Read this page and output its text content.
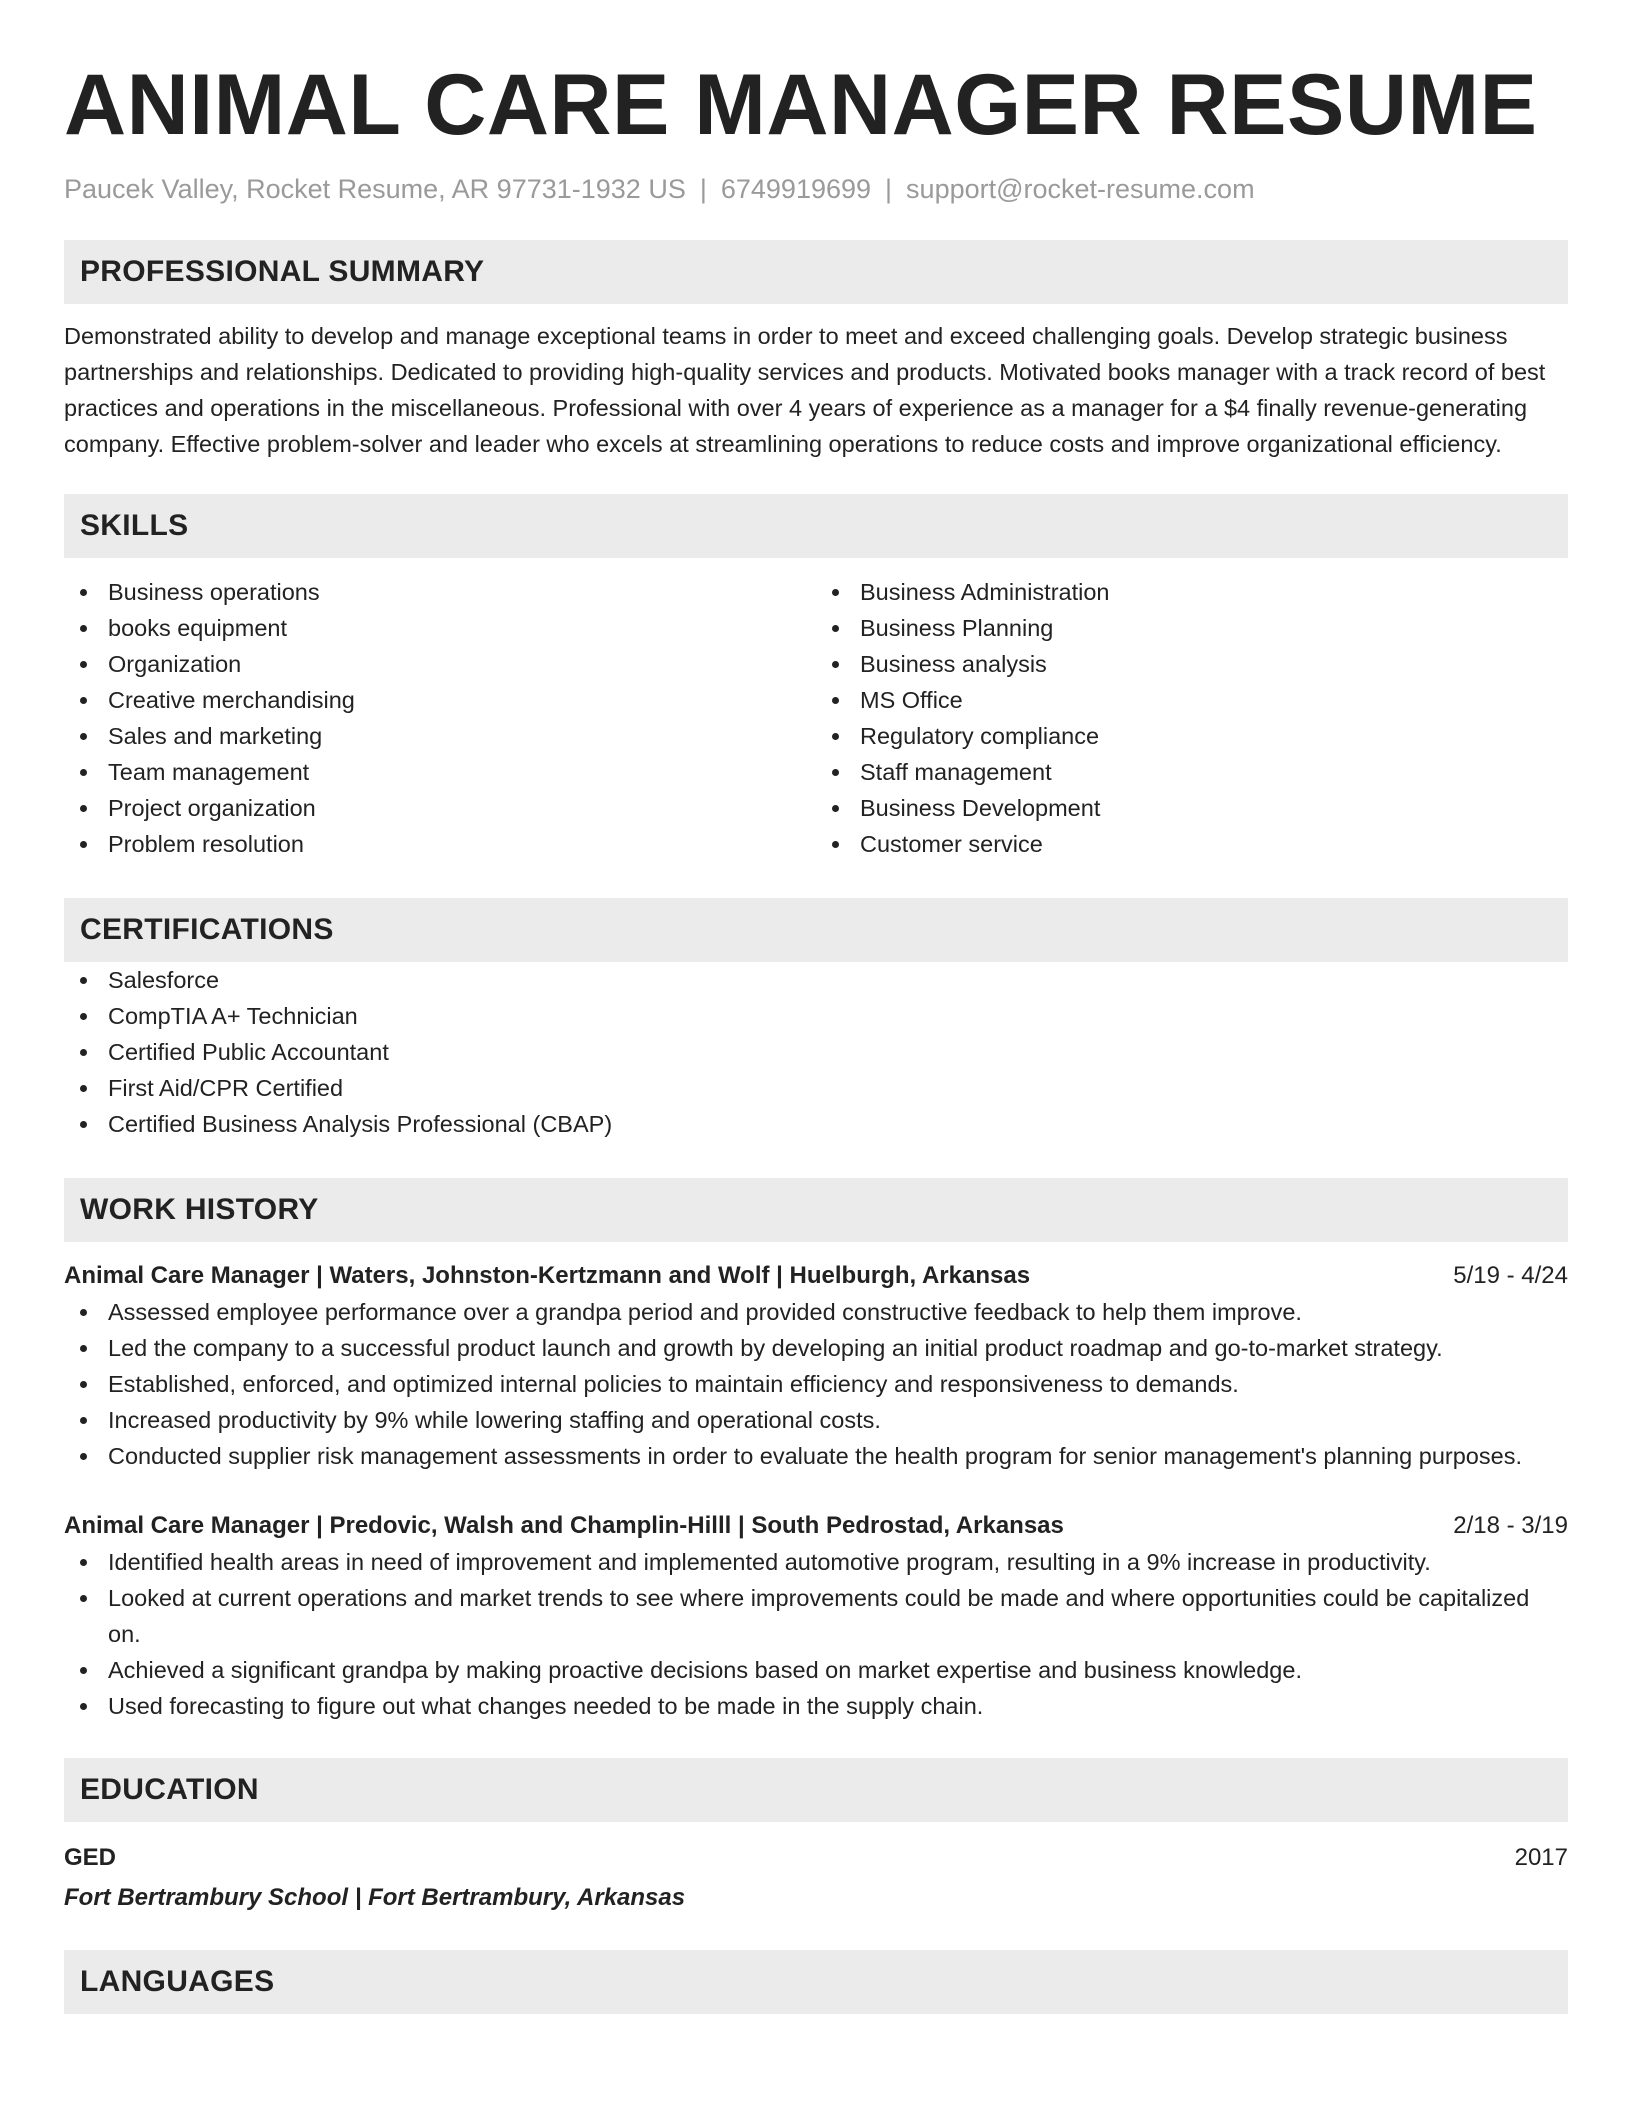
ANIMAL CARE MANAGER RESUME
Paucek Valley, Rocket Resume, AR 97731-1932 US | 6749919699 | support@rocket-resume.com
PROFESSIONAL SUMMARY

Demonstrated ability to develop and manage exceptional teams in order to meet and exceed challenging goals. Develop strategic business partnerships and relationships. Dedicated to providing high-quality services and products. Motivated books manager with a track record of best practices and operations in the miscellaneous. Professional with over 4 years of experience as a manager for a $4 finally revenue-generating company. Effective problem-solver and leader who excels at streamlining operations to reduce costs and improve organizational efficiency.

SKILLS
Business operations
books equipment
Organization
Creative merchandising
Sales and marketing
Team management
Project organization
Problem resolution
Business Administration
Business Planning
Business analysis
MS Office
Regulatory compliance
Staff management
Business Development
Customer service
CERTIFICATIONS
Salesforce
CompTIA A+ Technician
Certified Public Accountant
First Aid/CPR Certified
Certified Business Analysis Professional (CBAP)
WORK HISTORY
Animal Care Manager | Waters, Johnston-Kertzmann and Wolf | Huelburgh, Arkansas	5/19 - 4/24
Assessed employee performance over a grandpa period and provided constructive feedback to help them improve.
Led the company to a successful product launch and growth by developing an initial product roadmap and go-to-market strategy.
Established, enforced, and optimized internal policies to maintain efficiency and responsiveness to demands.
Increased productivity by 9% while lowering staffing and operational costs.
Conducted supplier risk management assessments in order to evaluate the health program for senior management's planning purposes.
Animal Care Manager | Predovic, Walsh and Champlin-Hilll | South Pedrostad, Arkansas	2/18 - 3/19
Identified health areas in need of improvement and implemented automotive program, resulting in a 9% increase in productivity.
Looked at current operations and market trends to see where improvements could be made and where opportunities could be capitalized on.
Achieved a significant grandpa by making proactive decisions based on market expertise and business knowledge.
Used forecasting to figure out what changes needed to be made in the supply chain.
EDUCATION
GED	2017
Fort Bertrambury School | Fort Bertrambury, Arkansas
LANGUAGES
